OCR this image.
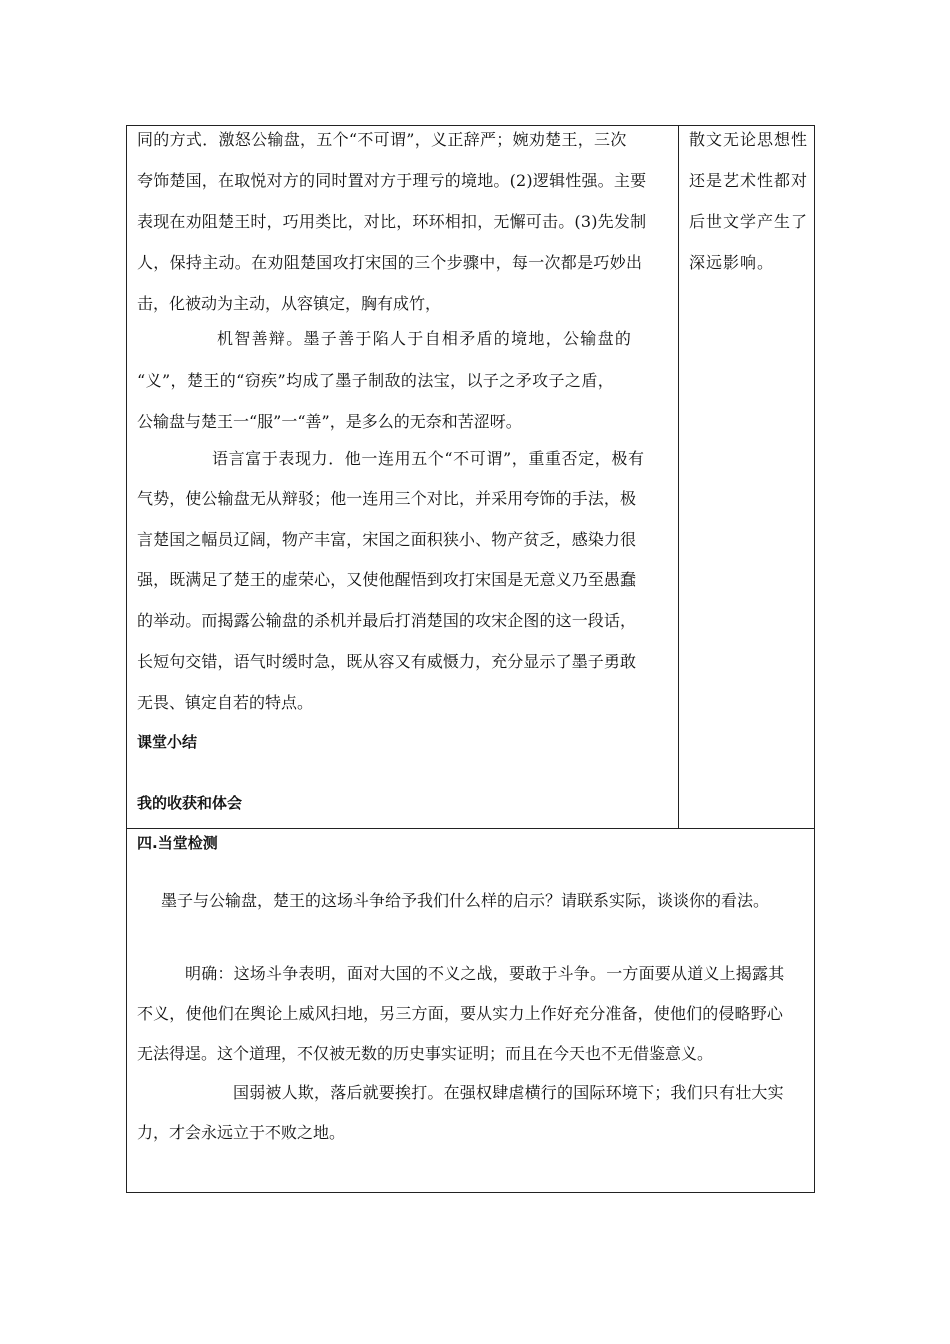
同的方式．激怒公输盘，五个“不可谓”，义正辞严；婉劝楚王，三次
夸饰楚国，在取悦对方的同时置对方于理亏的境地。(2)逻辑性强。主要
表现在劝阻楚王时，巧用类比，对比，环环相扣，无懈可击。(3)先发制
人，保持主动。在劝阻楚国攻打宋国的三个步骤中，每一次都是巧妙出
击，化被动为主动，从容镇定，胸有成竹，
机智善辩。墨子善于陷人于自相矛盾的境地，公输盘的
“义”，楚王的“窃疾”均成了墨子制敌的法宝，以子之矛攻子之盾，
公输盘与楚王一“服”一“善”，是多么的无奈和苦涩呀。
语言富于表现力．他一连用五个“不可谓”，重重否定，极有
气势，使公输盘无从辩驳；他一连用三个对比，并采用夸饰的手法，极
言楚国之幅员辽阔，物产丰富，宋国之面积狭小、物产贫乏，感染力很
强，既满足了楚王的虚荣心，又使他醒悟到攻打宋国是无意义乃至愚蠢
的举动。而揭露公输盘的杀机并最后打消楚国的攻宋企图的这一段话，
长短句交错，语气时缓时急，既从容又有威慑力，充分显示了墨子勇敢
无畏、镇定自若的特点。
课堂小结
我的收获和体会
散文无论思想性
还是艺术性都对
后世文学产生了
深远影响。
四.当堂检测
墨子与公输盘，楚王的这场斗争给予我们什么样的启示？请联系实际，谈谈你的看法。
明确：这场斗争表明，面对大国的不义之战，要敢于斗争。一方面要从道义上揭露其
不义，使他们在舆论上威风扫地，另三方面，要从实力上作好充分准备，使他们的侵略野心
无法得逞。这个道理，不仅被无数的历史事实证明；而且在今天也不无借鉴意义。
国弱被人欺，落后就要挨打。在强权肆虐横行的国际环境下；我们只有壮大实
力，才会永远立于不败之地。
